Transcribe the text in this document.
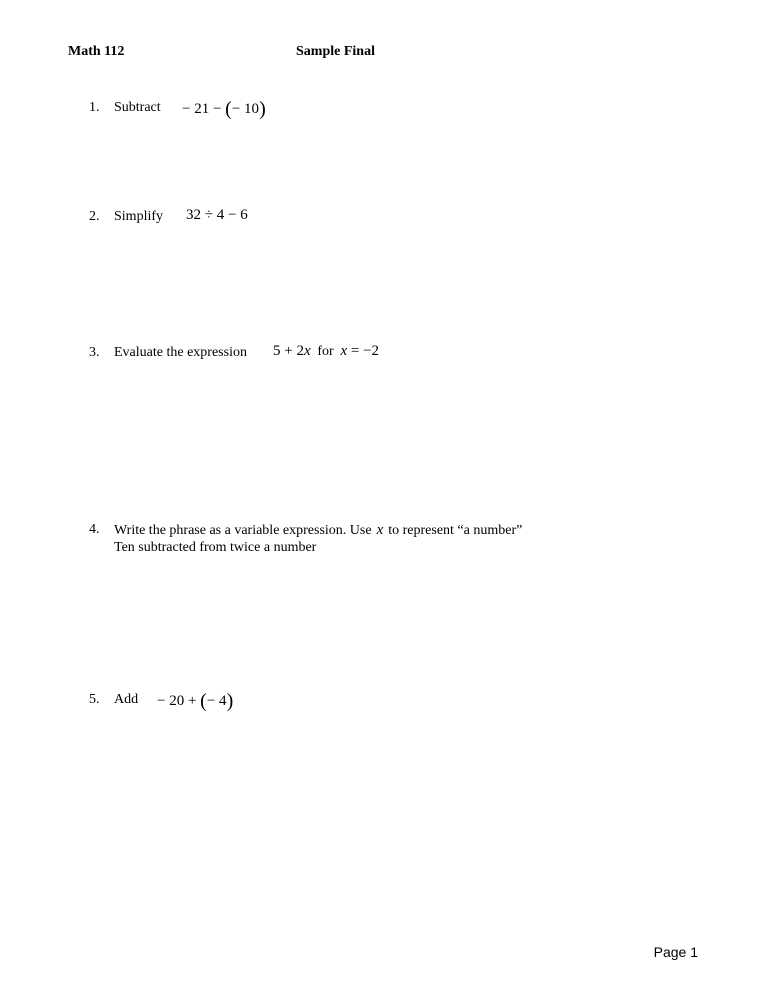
Math 112	Sample Final
1. Subtract − 21 − (− 10)
2. Simplify 32 ÷ 4 − 6
3. Evaluate the expression 5 + 2x for x = −2
4. Write the phrase as a variable expression. Use x to represent “a number”
Ten subtracted from twice a number
5. Add − 20 + (− 4)
Page 1
